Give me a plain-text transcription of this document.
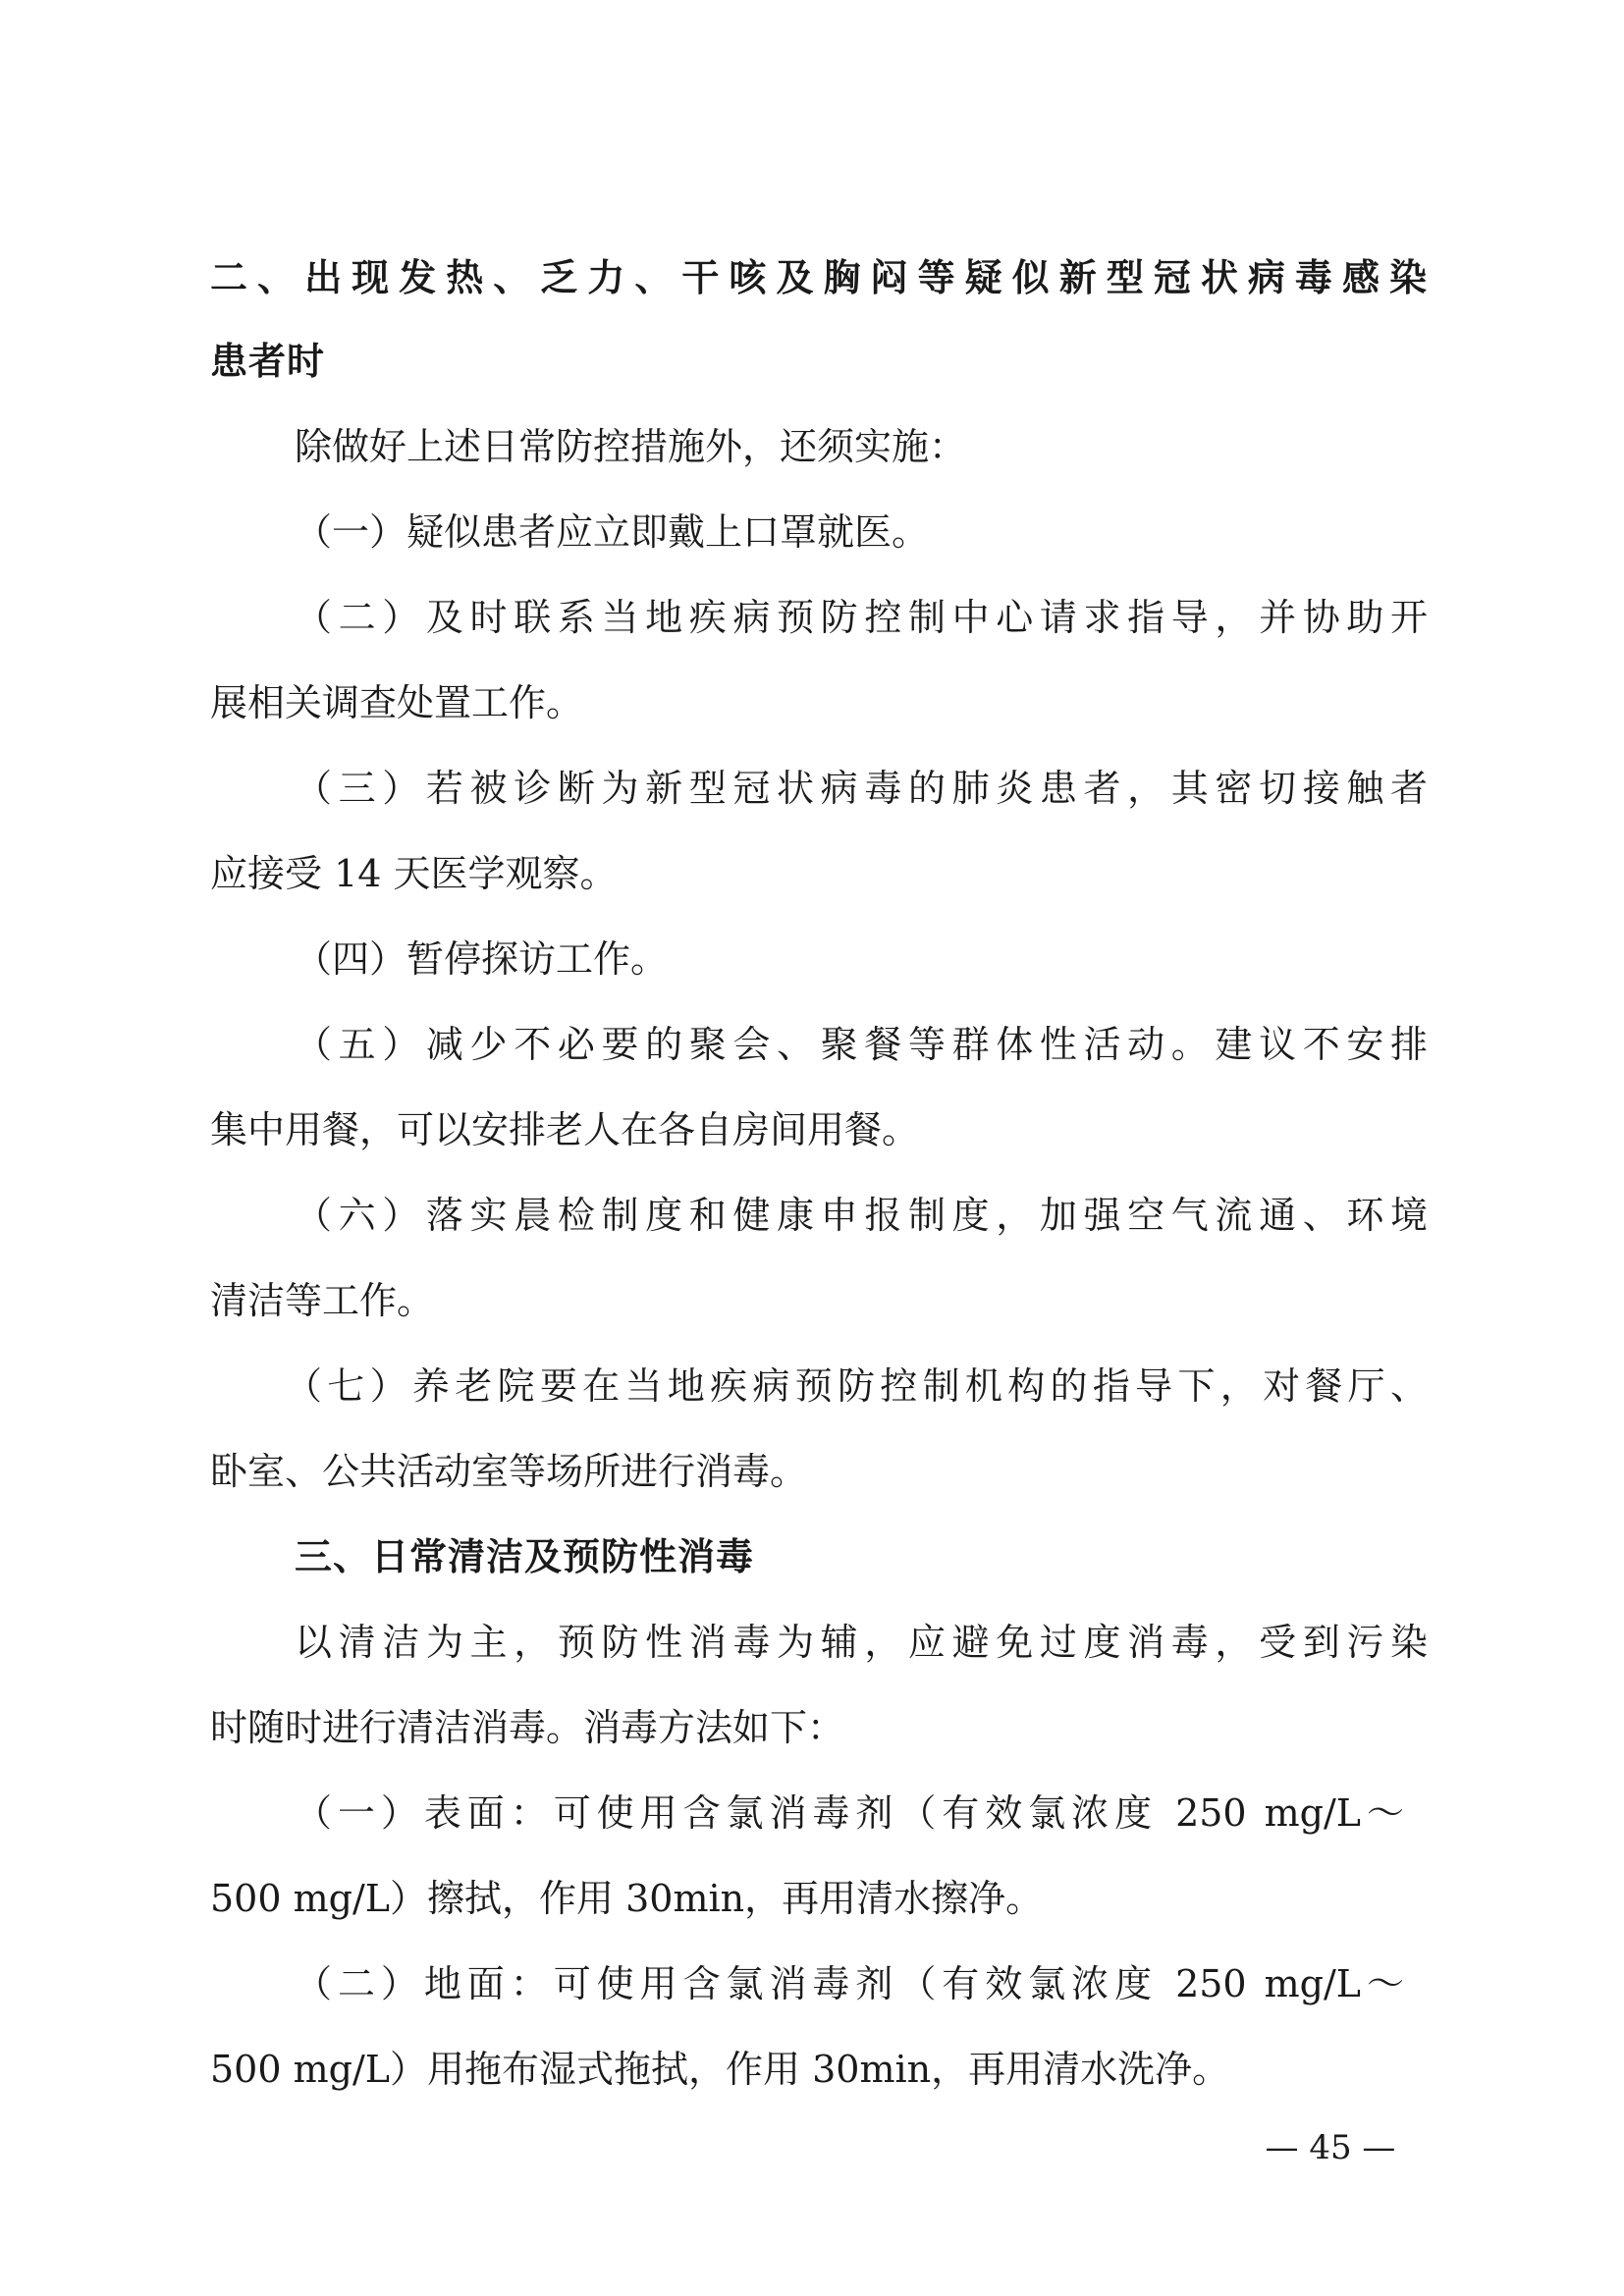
二、出现发热、乏力、干咳及胸闷等疑似新型冠状病毒感染
患者时
除做好上述日常防控措施外，还须实施：
（一）疑似患者应立即戴上口罩就医。
（二）及时联系当地疾病预防控制中心请求指导，并协助开
展相关调查处置工作。
（三）若被诊断为新型冠状病毒的肺炎患者，其密切接触者
应接受 14 天医学观察。
（四）暂停探访工作。
（五）减少不必要的聚会、聚餐等群体性活动。建议不安排
集中用餐，可以安排老人在各自房间用餐。
（六）落实晨检制度和健康申报制度，加强空气流通、环境
清洁等工作。
（七）养老院要在当地疾病预防控制机构的指导下，对餐厅、
卧室、公共活动室等场所进行消毒。
三、日常清洁及预防性消毒
以清洁为主，预防性消毒为辅，应避免过度消毒，受到污染
时随时进行清洁消毒。消毒方法如下：
（一）表面：可使用含氯消毒剂（有效氯浓度 250 mg/L～
500 mg/L）擦拭，作用 30min，再用清水擦净。
（二）地面：可使用含氯消毒剂（有效氯浓度 250 mg/L～
500 mg/L）用拖布湿式拖拭，作用 30min，再用清水洗净。
— 45 —
